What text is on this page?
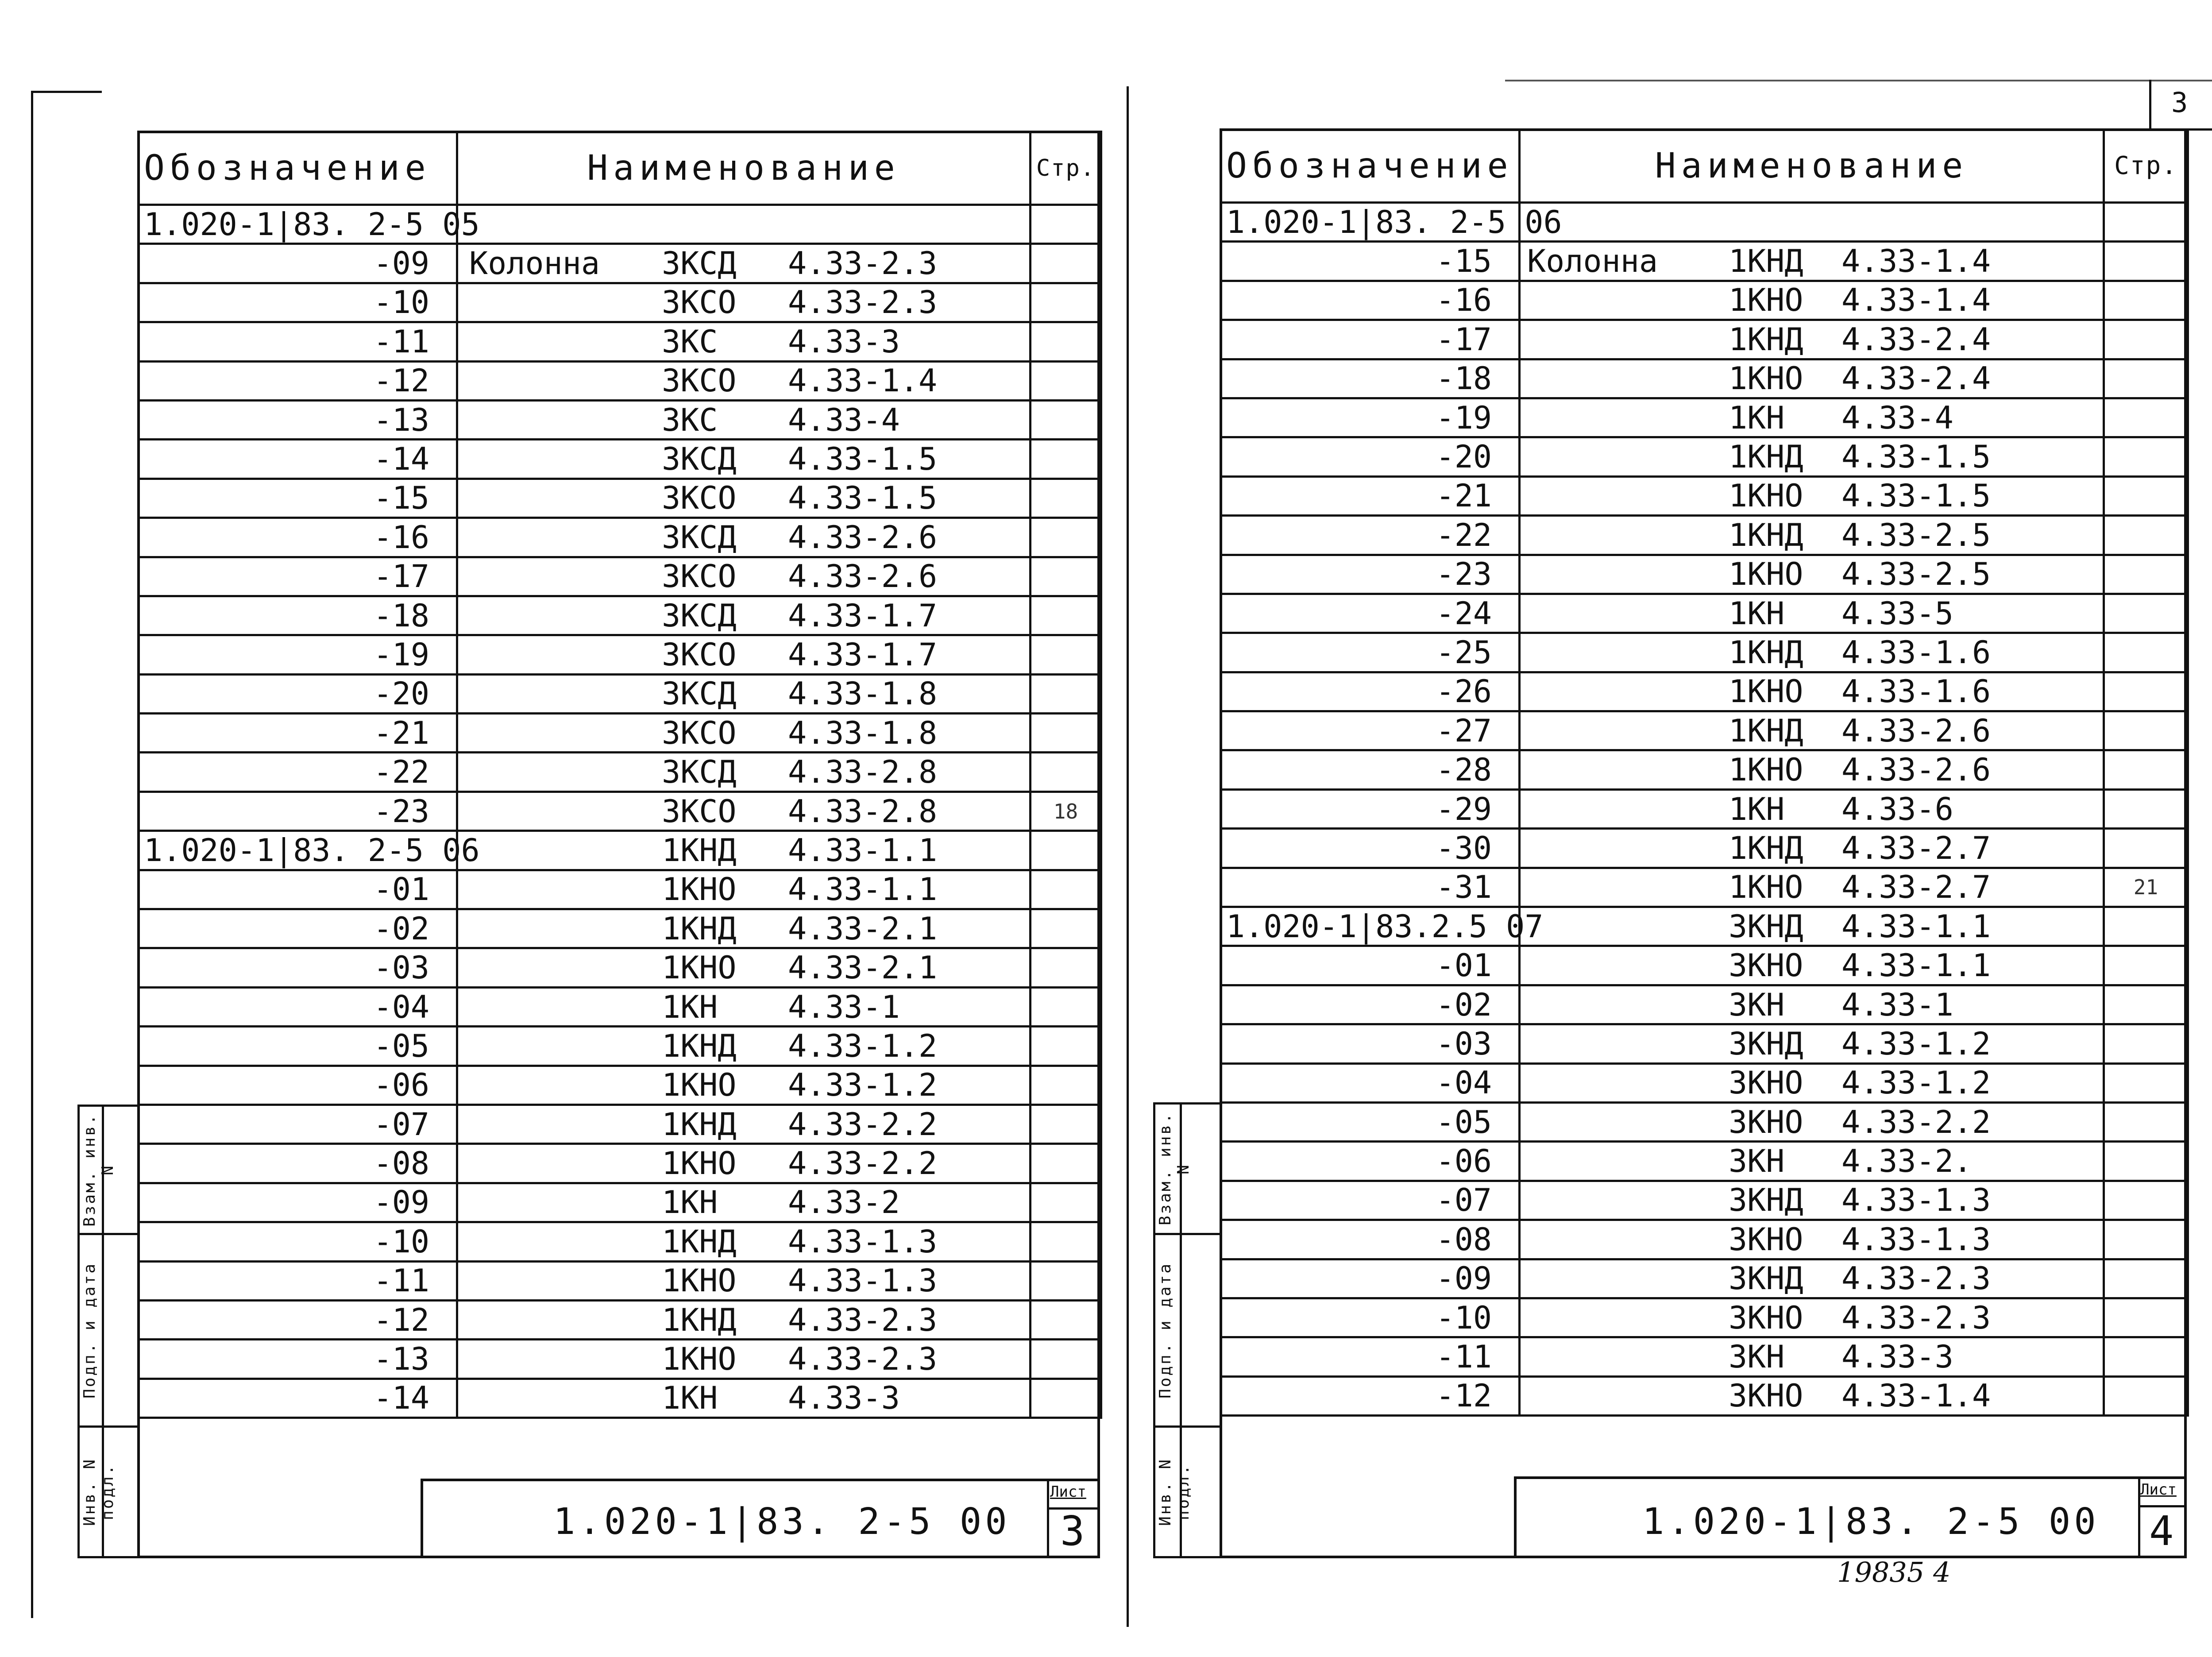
3
Обозначение	Наименование	Стр.
1.020-1|83. 2-5 05	

-09	Колонна 3КСД 4.33-2.3	

-10	3КСО 4.33-2.3	

-11	3КС 4.33-3	

-12	3КСО 4.33-1.4	

-13	3КС 4.33-4	

-14	3КСД 4.33-1.5	

-15	3КСО 4.33-1.5	

-16	3КСД 4.33-2.6	

-17	3КСО 4.33-2.6	

-18	3КСД 4.33-1.7	

-19	3КСО 4.33-1.7	

-20	3КСД 4.33-1.8	

-21	3КСО 4.33-1.8	

-22	3КСД 4.33-2.8	

-23	3КСО 4.33-2.8	18
1.020-1|83. 2-5 06	1КНД 4.33-1.1	

-01	1КНО 4.33-1.1	

-02	1КНД 4.33-2.1	

-03	1КНО 4.33-2.1	

-04	1КН 4.33-1	

-05	1КНД 4.33-1.2	

-06	1КНО 4.33-1.2	

-07	1КНД 4.33-2.2	

-08	1КНО 4.33-2.2	

-09	1КН 4.33-2	

-10	1КНД 4.33-1.3	

-11	1КНО 4.33-1.3	

-12	1КНД 4.33-2.3	

-13	1КНО 4.33-2.3	

-14	1КН 4.33-3	

Взам. инв. N
Подп. и дата
Инв. N подл.
1.020-1|83. 2-5 00
Лист
3
Обозначение	Наименование	Стр.
1.020-1|83. 2-5 06	

-15	Колонна 1КНД 4.33-1.4	

-16	1КНО 4.33-1.4	

-17	1КНД 4.33-2.4	

-18	1КНО 4.33-2.4	

-19	1КН 4.33-4	

-20	1КНД 4.33-1.5	

-21	1КНО 4.33-1.5	

-22	1КНД 4.33-2.5	

-23	1КНО 4.33-2.5	

-24	1КН 4.33-5	

-25	1КНД 4.33-1.6	

-26	1КНО 4.33-1.6	

-27	1КНД 4.33-2.6	

-28	1КНО 4.33-2.6	

-29	1КН 4.33-6	

-30	1КНД 4.33-2.7	

-31	1КНО 4.33-2.7	21
1.020-1|83.2.5 07	3КНД 4.33-1.1	

-01	3КНО 4.33-1.1	

-02	3КН 4.33-1	

-03	3КНД 4.33-1.2	

-04	3КНО 4.33-1.2	

-05	3КНО 4.33-2.2	

-06	3КН 4.33-2.	

-07	3КНД 4.33-1.3	

-08	3КНО 4.33-1.3	

-09	3КНД 4.33-2.3	

-10	3КНО 4.33-2.3	

-11	3КН 4.33-3	

-12	3КНО 4.33-1.4	

Взам. инв. N
Подп. и дата
Инв. N подл.
1.020-1|83. 2-5 00
Лист
4
19835 4
